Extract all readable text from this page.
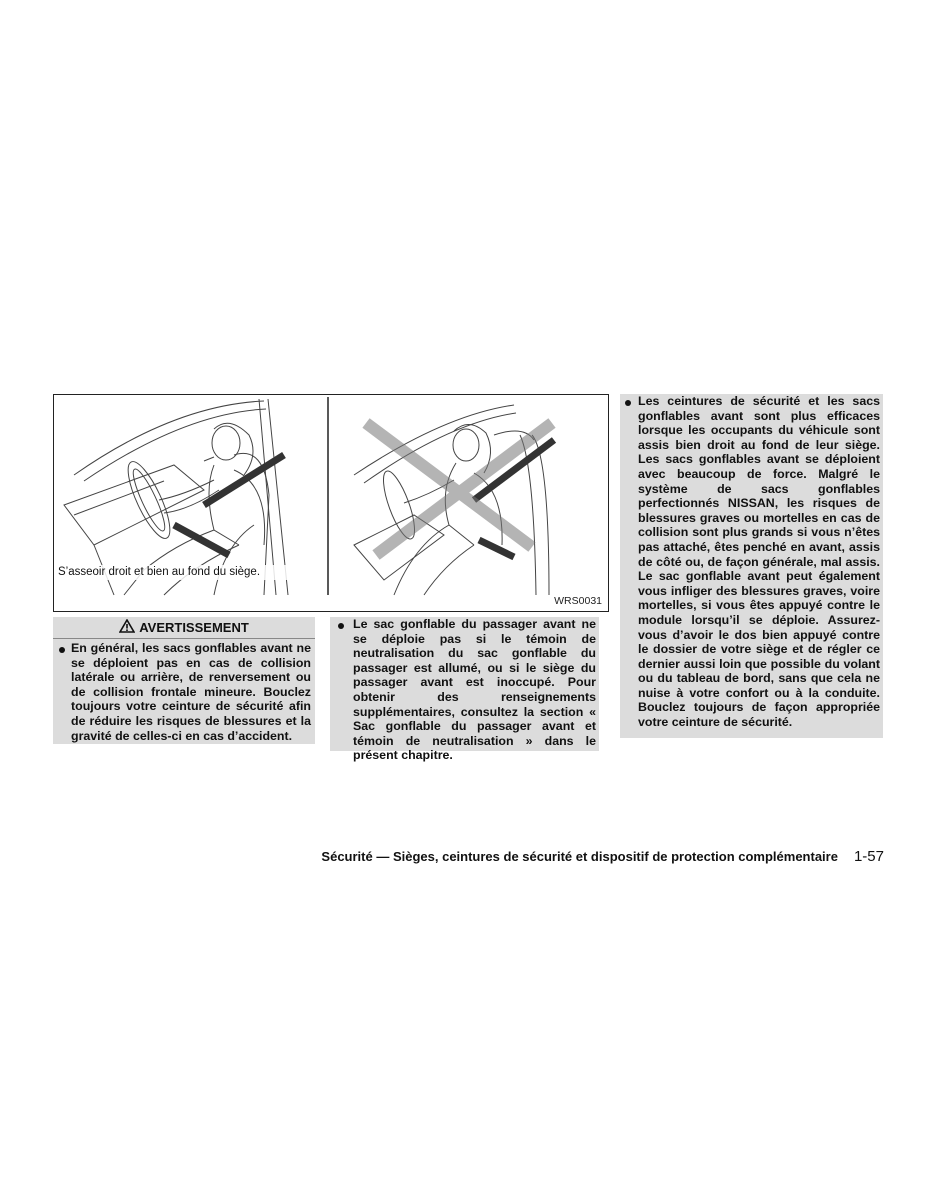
S’asseoir droit et bien au fond du siège.
WRS0031
AVERTISSEMENT
En général, les sacs gonflables avant ne se déploient pas en cas de collision latérale ou arrière, de renversement ou de collision frontale mineure. Bouclez toujours votre ceinture de sécurité afin de réduire les risques de blessures et la gravité de celles-ci en cas d’accident.
Le sac gonflable du passager avant ne se déploie pas si le témoin de neutralisation du sac gonflable du passager est allumé, ou si le siège du passager avant est inoccupé. Pour obtenir des renseignements supplémentaires, consultez la section « Sac gonflable du passager avant et témoin de neutralisation » dans le présent chapitre.
Les ceintures de sécurité et les sacs gonflables avant sont plus efficaces lorsque les occupants du véhicule sont assis bien droit au fond de leur siège. Les sacs gonflables avant se déploient avec beaucoup de force. Malgré le système de sacs gonflables perfectionnés NISSAN, les risques de blessures graves ou mortelles en cas de collision sont plus grands si vous n’êtes pas attaché, êtes penché en avant, assis de côté ou, de façon générale, mal assis. Le sac gonflable avant peut également vous infliger des blessures graves, voire mortelles, si vous êtes appuyé contre le module lorsqu’il se déploie. Assurez-vous d’avoir le dos bien appuyé contre le dossier de votre siège et de régler ce dernier aussi loin que possible du volant ou du tableau de bord, sans que cela ne nuise à votre confort ou à la conduite. Bouclez toujours de façon appropriée votre ceinture de sécurité.
Sécurité — Sièges, ceintures de sécurité et dispositif de protection complémentaire 1-57
